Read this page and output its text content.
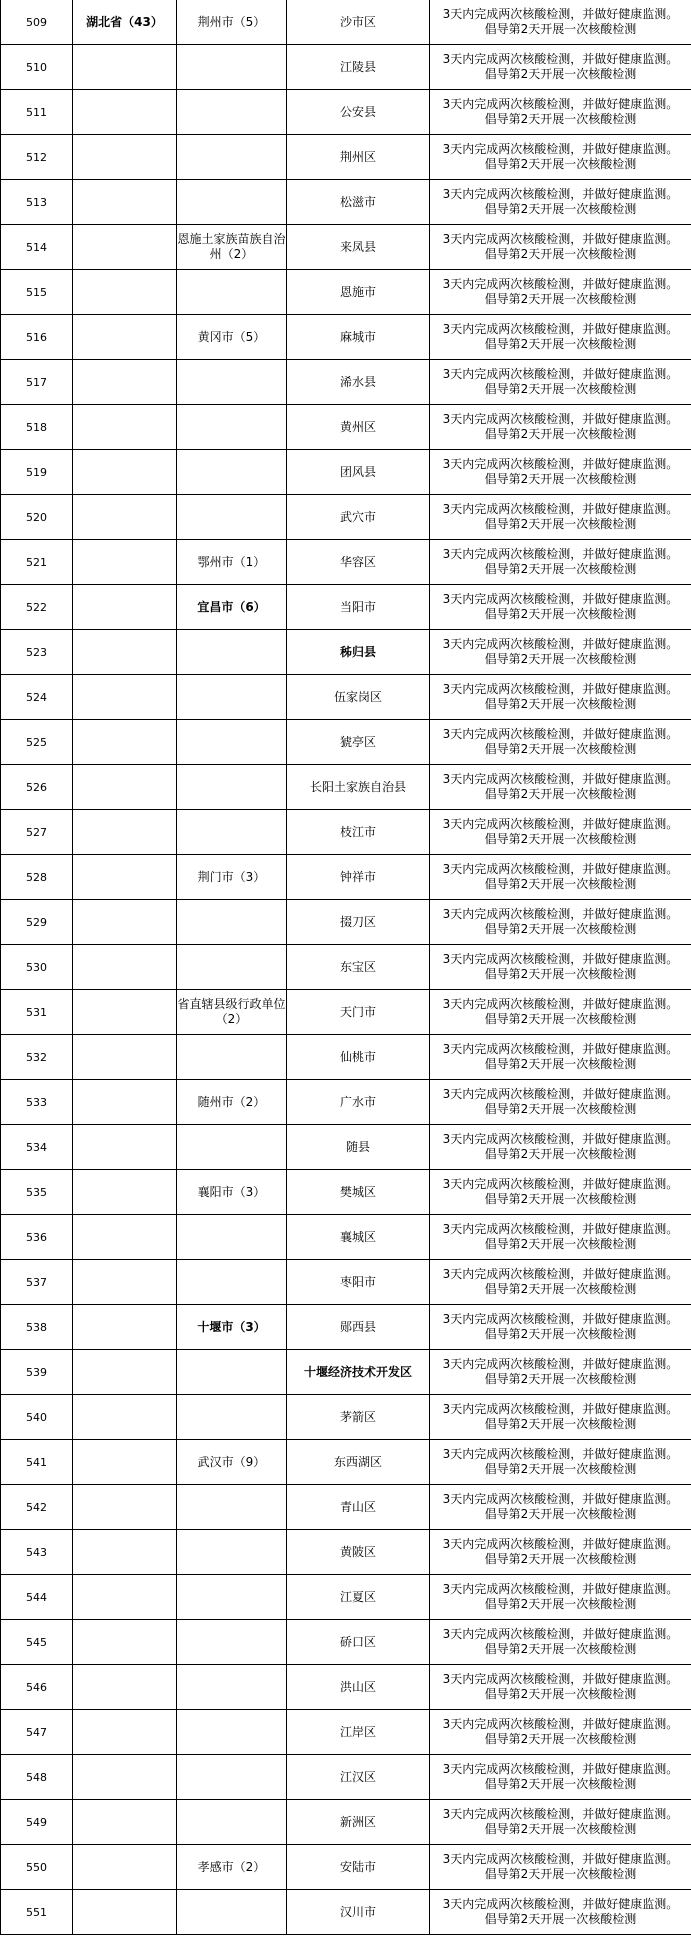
509	湖北省（43）	荆州市（5）	沙市区	3天内完成两次核酸检测，并做好健康监测。
倡导第2天开展一次核酸检测

510			江陵县	3天内完成两次核酸检测，并做好健康监测。
倡导第2天开展一次核酸检测

511			公安县	3天内完成两次核酸检测，并做好健康监测。
倡导第2天开展一次核酸检测

512			荆州区	3天内完成两次核酸检测，并做好健康监测。
倡导第2天开展一次核酸检测

513			松滋市	3天内完成两次核酸检测，并做好健康监测。
倡导第2天开展一次核酸检测

514		恩施土家族苗族自治州（2）	来凤县	3天内完成两次核酸检测，并做好健康监测。
倡导第2天开展一次核酸检测

515			恩施市	3天内完成两次核酸检测，并做好健康监测。
倡导第2天开展一次核酸检测

516		黄冈市（5）	麻城市	3天内完成两次核酸检测，并做好健康监测。
倡导第2天开展一次核酸检测

517			浠水县	3天内完成两次核酸检测，并做好健康监测。
倡导第2天开展一次核酸检测

518			黄州区	3天内完成两次核酸检测，并做好健康监测。
倡导第2天开展一次核酸检测

519			团风县	3天内完成两次核酸检测，并做好健康监测。
倡导第2天开展一次核酸检测

520			武穴市	3天内完成两次核酸检测，并做好健康监测。
倡导第2天开展一次核酸检测

521		鄂州市（1）	华容区	3天内完成两次核酸检测，并做好健康监测。
倡导第2天开展一次核酸检测

522		宜昌市（6）	当阳市	3天内完成两次核酸检测，并做好健康监测。
倡导第2天开展一次核酸检测

523			秭归县	3天内完成两次核酸检测，并做好健康监测。
倡导第2天开展一次核酸检测

524			伍家岗区	3天内完成两次核酸检测，并做好健康监测。
倡导第2天开展一次核酸检测

525			猇亭区	3天内完成两次核酸检测，并做好健康监测。
倡导第2天开展一次核酸检测

526			长阳土家族自治县	3天内完成两次核酸检测，并做好健康监测。
倡导第2天开展一次核酸检测

527			枝江市	3天内完成两次核酸检测，并做好健康监测。
倡导第2天开展一次核酸检测

528		荆门市（3）	钟祥市	3天内完成两次核酸检测，并做好健康监测。
倡导第2天开展一次核酸检测

529			掇刀区	3天内完成两次核酸检测，并做好健康监测。
倡导第2天开展一次核酸检测

530			东宝区	3天内完成两次核酸检测，并做好健康监测。
倡导第2天开展一次核酸检测

531		省直辖县级行政单位（2）	天门市	3天内完成两次核酸检测，并做好健康监测。
倡导第2天开展一次核酸检测

532			仙桃市	3天内完成两次核酸检测，并做好健康监测。
倡导第2天开展一次核酸检测

533		随州市（2）	广水市	3天内完成两次核酸检测，并做好健康监测。
倡导第2天开展一次核酸检测

534			随县	3天内完成两次核酸检测，并做好健康监测。
倡导第2天开展一次核酸检测

535		襄阳市（3）	樊城区	3天内完成两次核酸检测，并做好健康监测。
倡导第2天开展一次核酸检测

536			襄城区	3天内完成两次核酸检测，并做好健康监测。
倡导第2天开展一次核酸检测

537			枣阳市	3天内完成两次核酸检测，并做好健康监测。
倡导第2天开展一次核酸检测

538		十堰市（3）	郧西县	3天内完成两次核酸检测，并做好健康监测。
倡导第2天开展一次核酸检测

539			十堰经济技术开发区	3天内完成两次核酸检测，并做好健康监测。
倡导第2天开展一次核酸检测

540			茅箭区	3天内完成两次核酸检测，并做好健康监测。
倡导第2天开展一次核酸检测

541		武汉市（9）	东西湖区	3天内完成两次核酸检测，并做好健康监测。
倡导第2天开展一次核酸检测

542			青山区	3天内完成两次核酸检测，并做好健康监测。
倡导第2天开展一次核酸检测

543			黄陂区	3天内完成两次核酸检测，并做好健康监测。
倡导第2天开展一次核酸检测

544			江夏区	3天内完成两次核酸检测，并做好健康监测。
倡导第2天开展一次核酸检测

545			硚口区	3天内完成两次核酸检测，并做好健康监测。
倡导第2天开展一次核酸检测

546			洪山区	3天内完成两次核酸检测，并做好健康监测。
倡导第2天开展一次核酸检测

547			江岸区	3天内完成两次核酸检测，并做好健康监测。
倡导第2天开展一次核酸检测

548			江汉区	3天内完成两次核酸检测，并做好健康监测。
倡导第2天开展一次核酸检测

549			新洲区	3天内完成两次核酸检测，并做好健康监测。
倡导第2天开展一次核酸检测

550		孝感市（2）	安陆市	3天内完成两次核酸检测，并做好健康监测。
倡导第2天开展一次核酸检测

551			汉川市	3天内完成两次核酸检测，并做好健康监测。
倡导第2天开展一次核酸检测
